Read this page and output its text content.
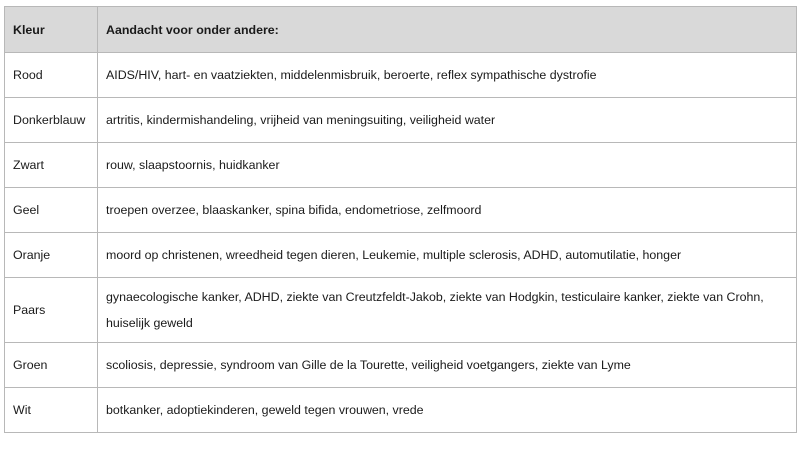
Kleur	Aandacht voor onder andere:
Rood	AIDS/HIV, hart- en vaatziekten, middelenmisbruik, beroerte, reflex sympathische dystrofie
Donkerblauw	artritis, kindermishandeling, vrijheid van meningsuiting, veiligheid water
Zwart	rouw, slaapstoornis, huidkanker
Geel	troepen overzee, blaaskanker, spina bifida, endometriose, zelfmoord
Oranje	moord op christenen, wreedheid tegen dieren, Leukemie, multiple sclerosis, ADHD, automutilatie, honger
Paars	gynaecologische kanker, ADHD, ziekte van Creutzfeldt-Jakob, ziekte van Hodgkin, testiculaire kanker, ziekte van Crohn, huiselijk geweld
Groen	scoliosis, depressie, syndroom van Gille de la Tourette, veiligheid voetgangers, ziekte van Lyme
Wit	botkanker, adoptiekinderen, geweld tegen vrouwen, vrede
